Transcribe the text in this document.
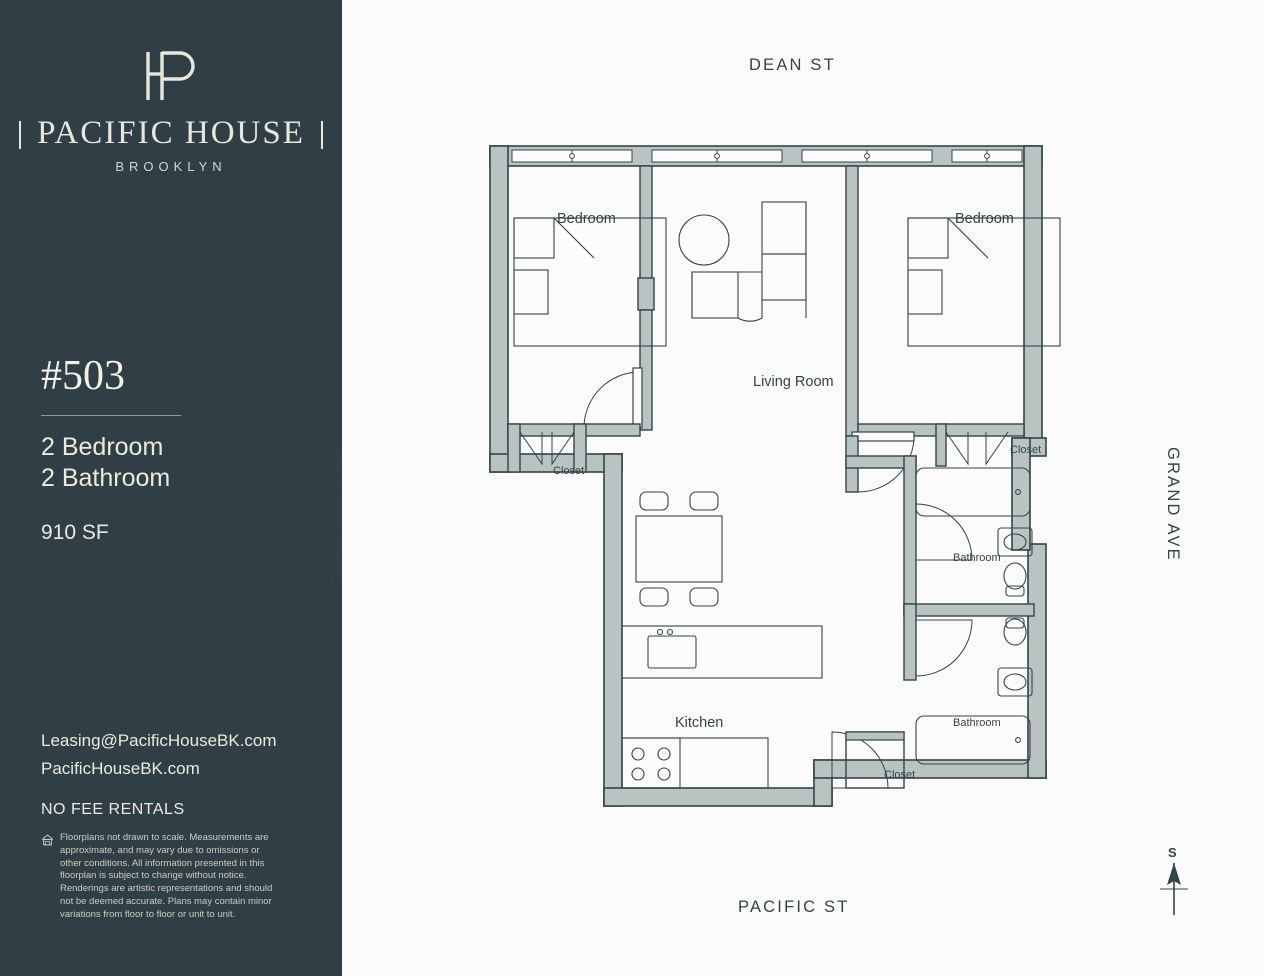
PACIFIC HOUSE
BROOKLYN
#503
2 Bedroom
2 Bathroom
910 SF
Leasing@PacificHouseBK.com
PacificHouseBK.com
NO FEE RENTALS
Floorplans not drawn to scale. Measurements are approximate, and may vary due to omissions or other conditions. All information presented in this floorplan is subject to change without notice. Renderings are artistic representations and should not be deemed accurate. Plans may contain minor variations from floor to floor or unit to unit.
DEAN ST
PACIFIC ST
CLASSON AVE	GRAND AVE
S
Bedroom	Bedroom
Living Room
Kitchen
Bathroom
Bathroom
Closet
Closet
Closet
